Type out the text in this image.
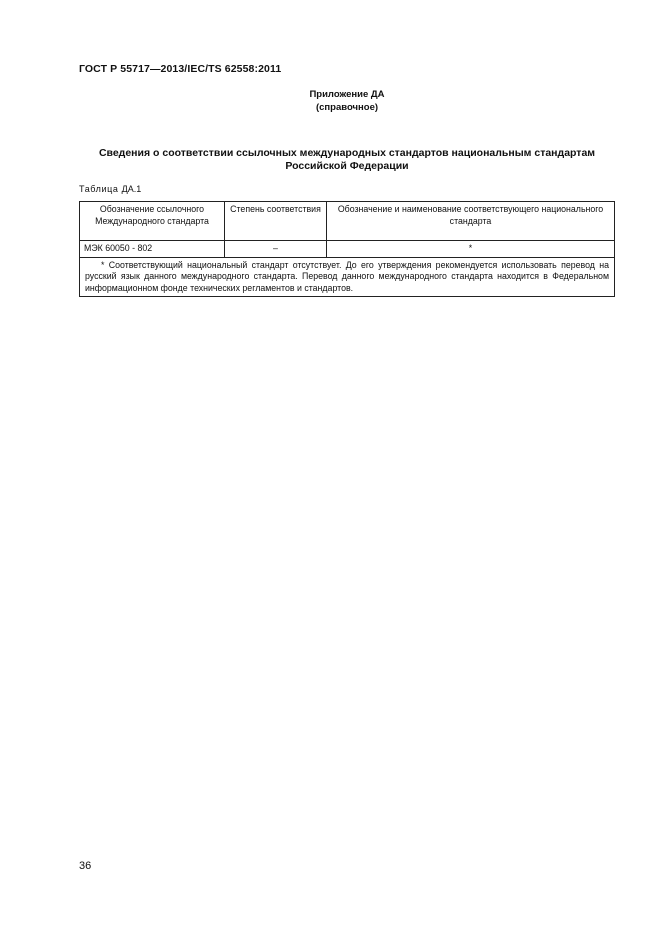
ГОСТ Р 55717—2013/IEC/TS 62558:2011
Приложение ДА
(справочное)
Сведения о соответствии ссылочных международных стандартов национальным стандартам
Российской Федерации
Таблица ДА.1
Обозначение ссылочного Международного стандарта	Степень соответствия	Обозначение и наименование соответствующего национального стандарта
МЭК 60050 - 802	–	*
* Соответствующий национальный стандарт отсутствует. До его утверждения рекомендуется использовать перевод на русский язык данного международного стандарта. Перевод данного международного стандарта находится в Федеральном информационном фонде технических регламентов и стандартов.		
36
